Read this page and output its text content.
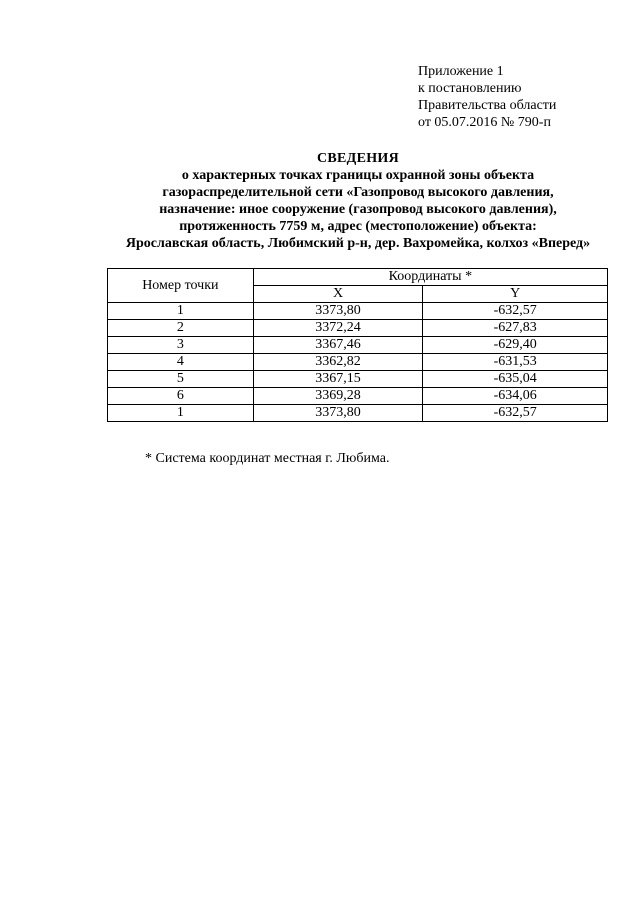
Приложение 1
к постановлению
Правительства области
от 05.07.2016 № 790-п
СВЕДЕНИЯ
о характерных точках границы охранной зоны объекта
газораспределительной сети «Газопровод высокого давления,
назначение: иное сооружение (газопровод высокого давления),
протяженность 7759 м, адрес (местоположение) объекта:
Ярославская область, Любимский р-н, дер. Вахромейка, колхоз «Вперед»
Номер точки	Координаты *	
	X	Y
1	3373,80	-632,57
2	3372,24	-627,83
3	3367,46	-629,40
4	3362,82	-631,53
5	3367,15	-635,04
6	3369,28	-634,06
1	3373,80	-632,57
* Система координат местная г. Любима.
